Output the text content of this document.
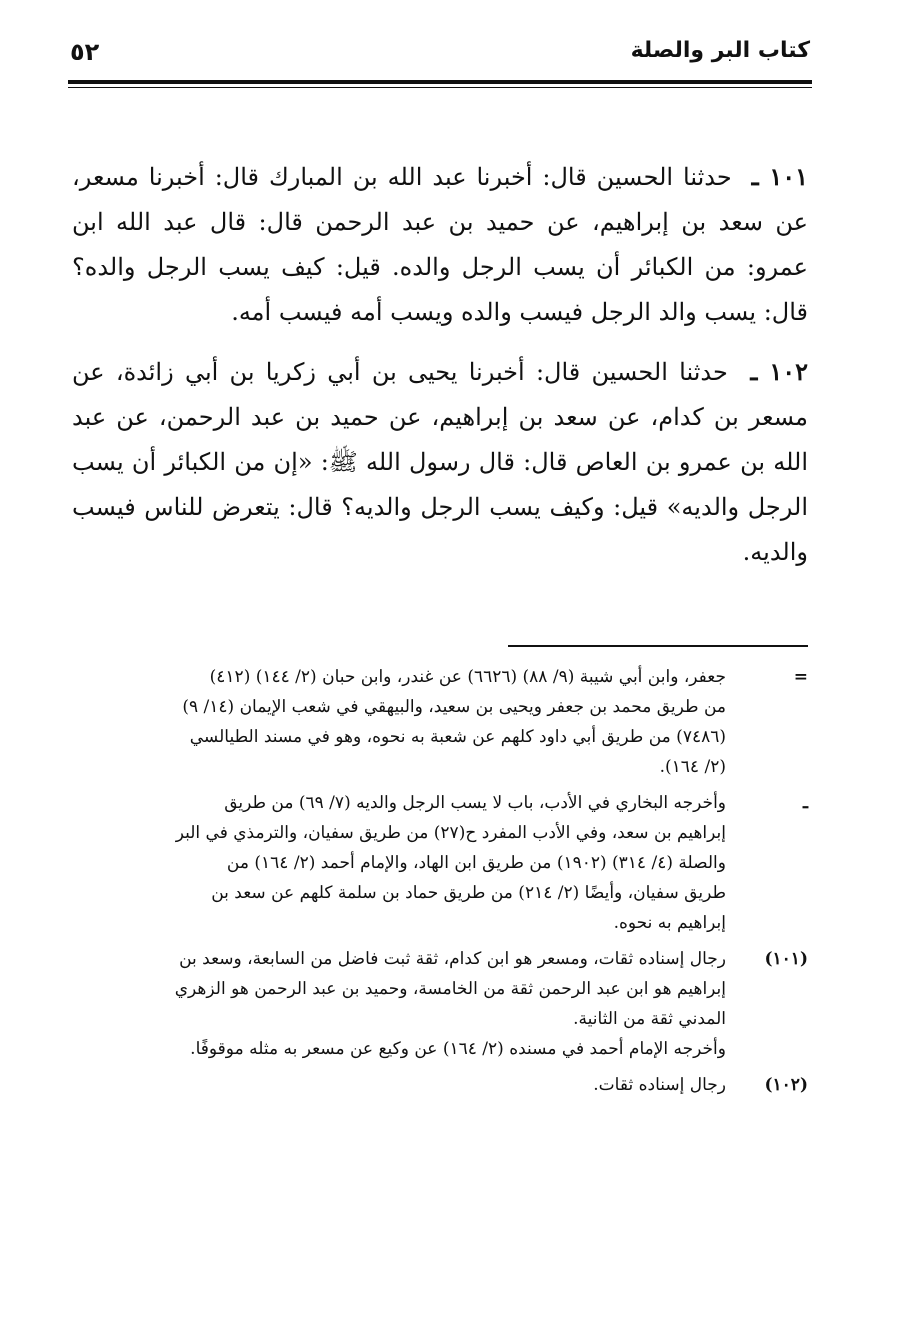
كتاب البر والصلة
٥٢

١٠١ ـ  حدثنا الحسين قال: أخبرنا عبد الله بن المبارك قال: أخبرنا مسعر، عن سعد بن إبراهيم، عن حميد بن عبد الرحمن قال: قال عبد الله ابن عمرو: من الكبائر أن يسب الرجل والده. قيل: كيف يسب الرجل والده؟ قال: يسب والد الرجل فيسب والده ويسب أمه فيسب أمه.

١٠٢ ـ  حدثنا الحسين قال: أخبرنا يحيى بن أبي زكريا بن أبي زائدة، عن مسعر بن كدام، عن سعد بن إبراهيم، عن حميد بن عبد الرحمن، عن عبد الله بن عمرو بن العاص قال: قال رسول الله ﷺ: «إن من الكبائر أن يسب الرجل والديه» قيل: وكيف يسب الرجل والديه؟ قال: يتعرض للناس فيسب والديه.

=
جعفر، وابن أبي شيبة (٩/ ٨٨) (٦٦٢٦) عن غندر، وابن حبان (٢/ ١٤٤) (٤١٢)
من طريق محمد بن جعفر ويحيى بن سعيد، والبيهقي في شعب الإيمان (١٤/ ٩)
(٧٤٨٦) من طريق أبي داود كلهم عن شعبة به نحوه، وهو في مسند الطيالسي
(٢/ ١٦٤).
ـ
وأخرجه البخاري في الأدب، باب لا يسب الرجل والديه (٧/ ٦٩) من طريق
إبراهيم بن سعد، وفي الأدب المفرد ح(٢٧) من طريق سفيان، والترمذي في البر
والصلة (٤/ ٣١٤) (١٩٠٢) من طريق ابن الهاد، والإمام أحمد (٢/ ١٦٤) من
طريق سفيان، وأيضًا (٢/ ٢١٤) من طريق حماد بن سلمة كلهم عن سعد بن
إبراهيم به نحوه.
(١٠١)
رجال إسناده ثقات، ومسعر هو ابن كدام، ثقة ثبت فاضل من السابعة، وسعد بن
إبراهيم هو ابن عبد الرحمن ثقة من الخامسة، وحميد بن عبد الرحمن هو الزهري
المدني ثقة من الثانية.
وأخرجه الإمام أحمد في مسنده (٢/ ١٦٤) عن وكيع عن مسعر به مثله موقوفًا.
(١٠٢)
رجال إسناده ثقات.
